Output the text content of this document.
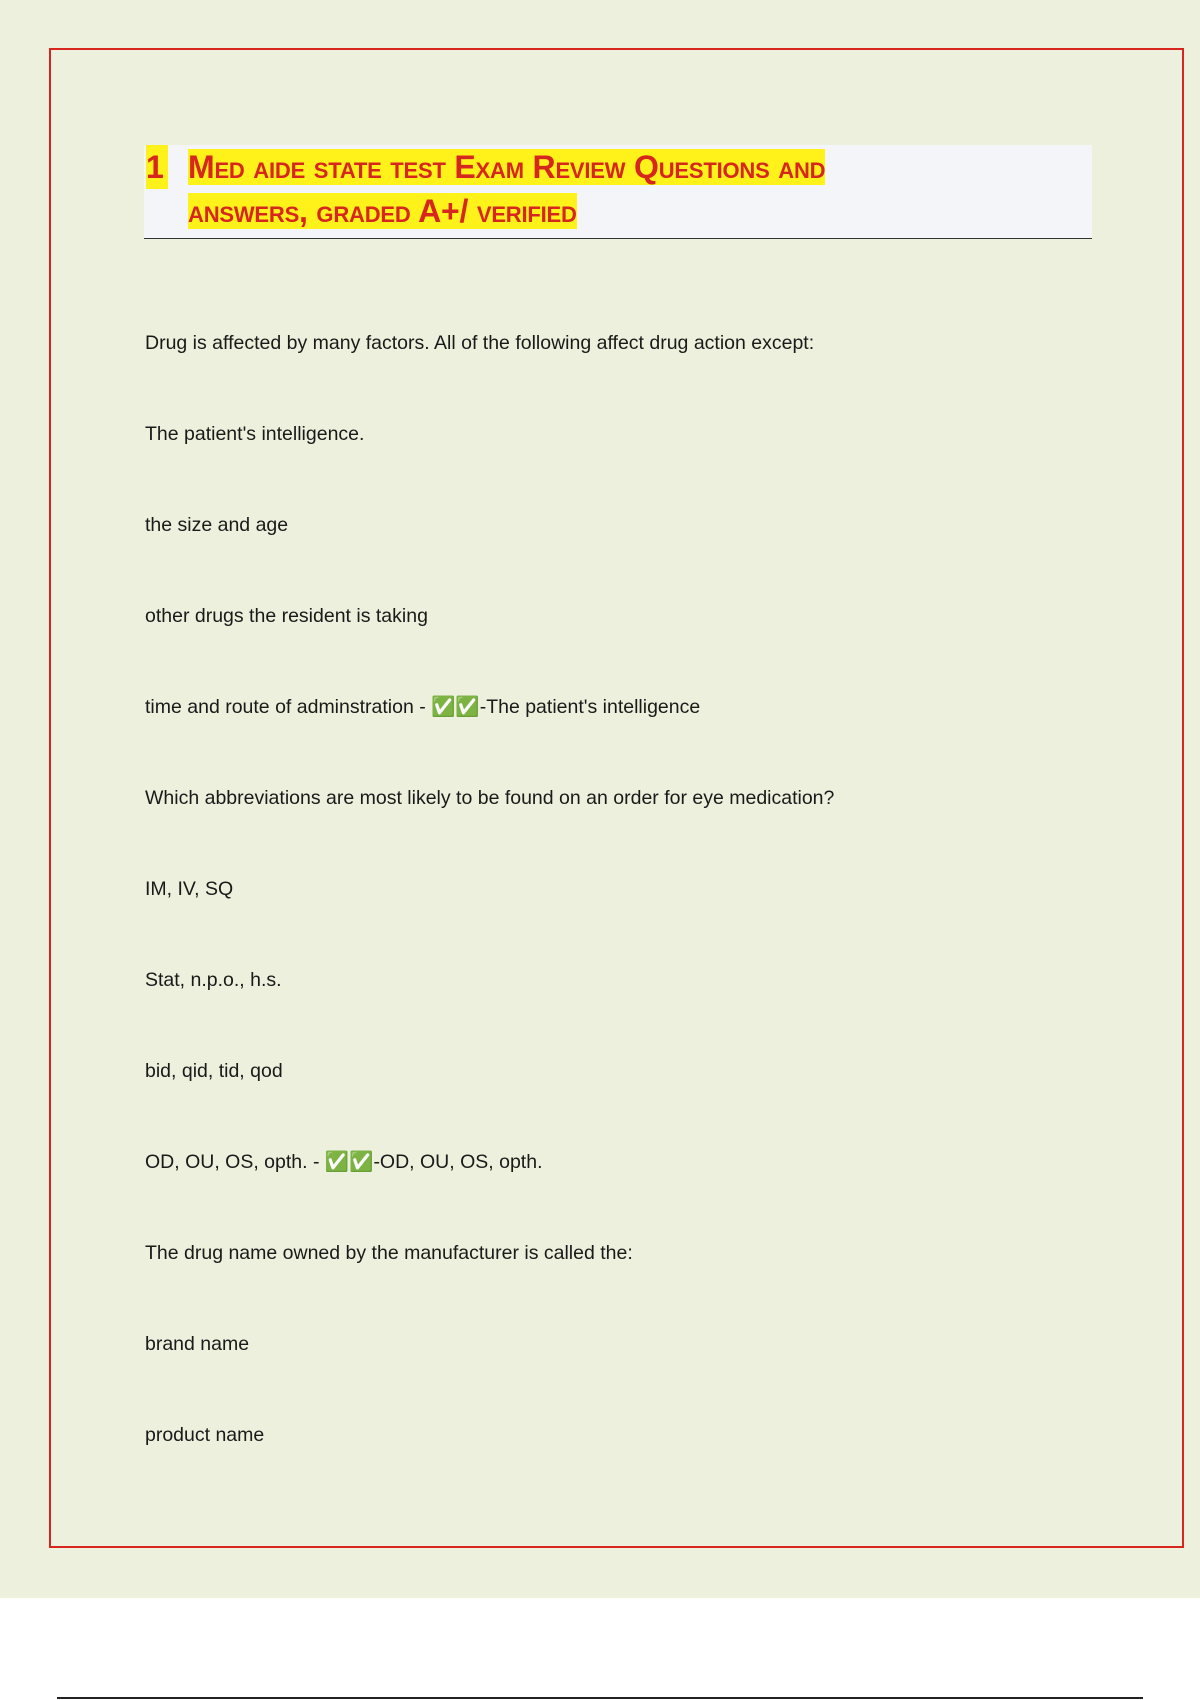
1 Med aide state test Exam Review Questions and
answers, graded A+/ verified
Drug is affected by many factors. All of the following affect drug action except:
The patient's intelligence.
the size and age
other drugs the resident is taking
time and route of adminstration - ✅✅-The patient's intelligence
Which abbreviations are most likely to be found on an order for eye medication?
IM, IV, SQ
Stat, n.p.o., h.s.
bid, qid, tid, qod
OD, OU, OS, opth. - ✅✅-OD, OU, OS, opth.
The drug name owned by the manufacturer is called the:
brand name
product name
